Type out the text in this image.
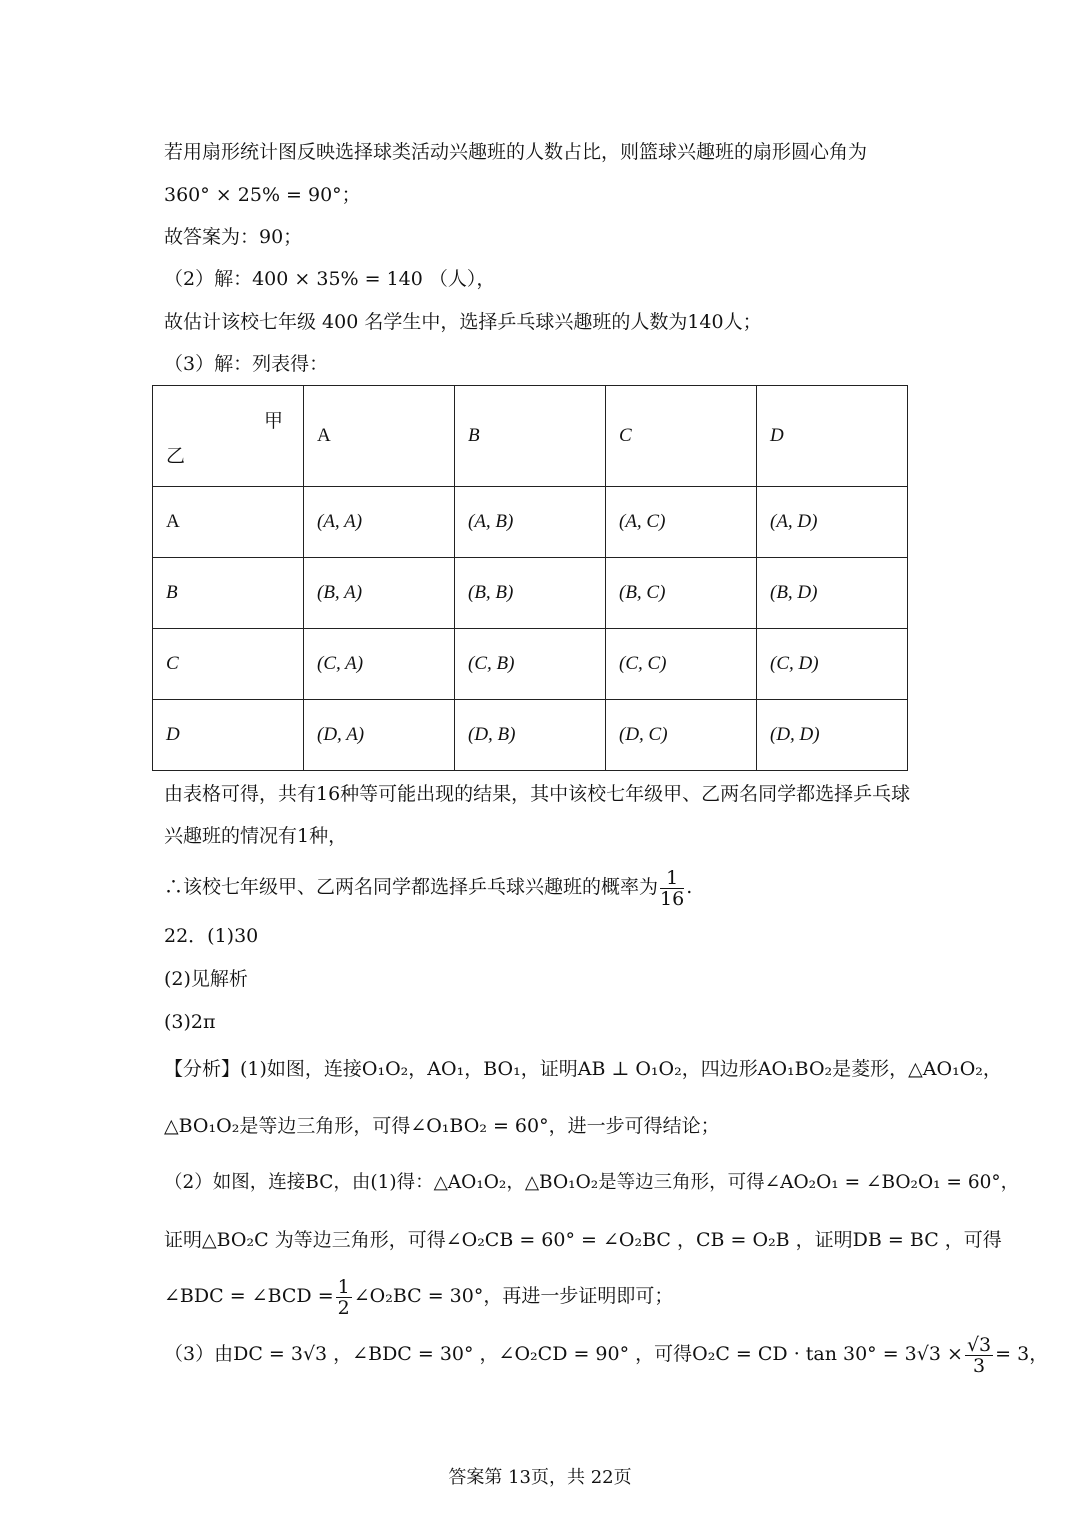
若用扇形统计图反映选择球类活动兴趣班的人数占比，则篮球兴趣班的扇形圆心角为
360° × 25% = 90°；
故答案为：90；
（2）解：400 × 35% = 140 （人），
故估计该校七年级 400 名学生中，选择乒乓球兴趣班的人数为140人；
（3）解：列表得：
甲
乙	A	B	C	D
A	(A, A)	(A, B)	(A, C)	(A, D)
B	(B, A)	(B, B)	(B, C)	(B, D)
C	(C, A)	(C, B)	(C, C)	(C, D)
D	(D, A)	(D, B)	(D, C)	(D, D)
由表格可得，共有16种等可能出现的结果，其中该校七年级甲、乙两名同学都选择乒乓球
兴趣班的情况有1种，
∴该校七年级甲、乙两名同学都选择乒乓球兴趣班的概率为 $\frac{1}{16}$ .
22．(1)30
(2)见解析
(3)2π
【分析】(1)如图，连接O₁O₂，AO₁，BO₁，证明AB ⊥ O₁O₂，四边形AO₁BO₂是菱形，△AO₁O₂，
△BO₁O₂是等边三角形，可得∠O₁BO₂ = 60°，进一步可得结论；
（2）如图，连接BC，由(1)得：△AO₁O₂，△BO₁O₂是等边三角形，可得∠AO₂O₁ = ∠BO₂O₁ = 60°，
证明△BO₂C 为等边三角形，可得∠O₂CB = 60° = ∠O₂BC ，CB = O₂B ，证明DB = BC ，可得
∠BDC = ∠BCD = $\frac{1}{2}$ ∠O₂BC = 30°，再进一步证明即可；
（3）由DC = 3√3 ，∠BDC = 30° ，∠O₂CD = 90° ，可得O₂C = CD · $\tan 30^\circ = 3√3 \times \frac{√3}{3} = 3$，
答案第 13页，共 22页
